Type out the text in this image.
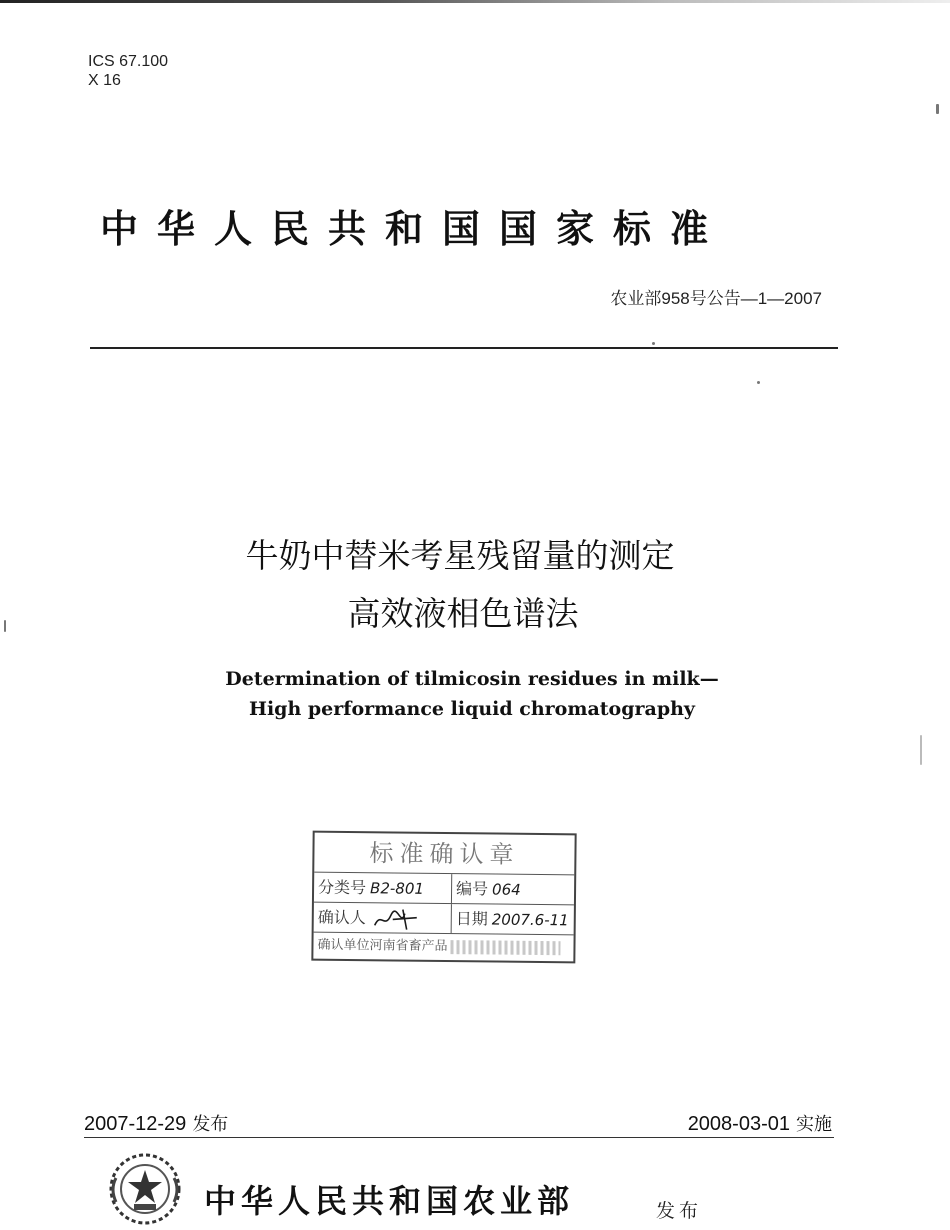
ICS 67.100
X 16
中华人民共和国国家标准
农业部958号公告—1—2007
牛奶中替米考星残留量的测定
高效液相色谱法
Determination of tilmicosin residues in milk—
High performance liquid chromatography
标准确认章
分类号 B2-801	编号 064
确认人	日期 2007.6-11
确认单位河南省畜产品
2007-12-29 发布	2008-03-01 实施
中华人民共和国农业部	发布
